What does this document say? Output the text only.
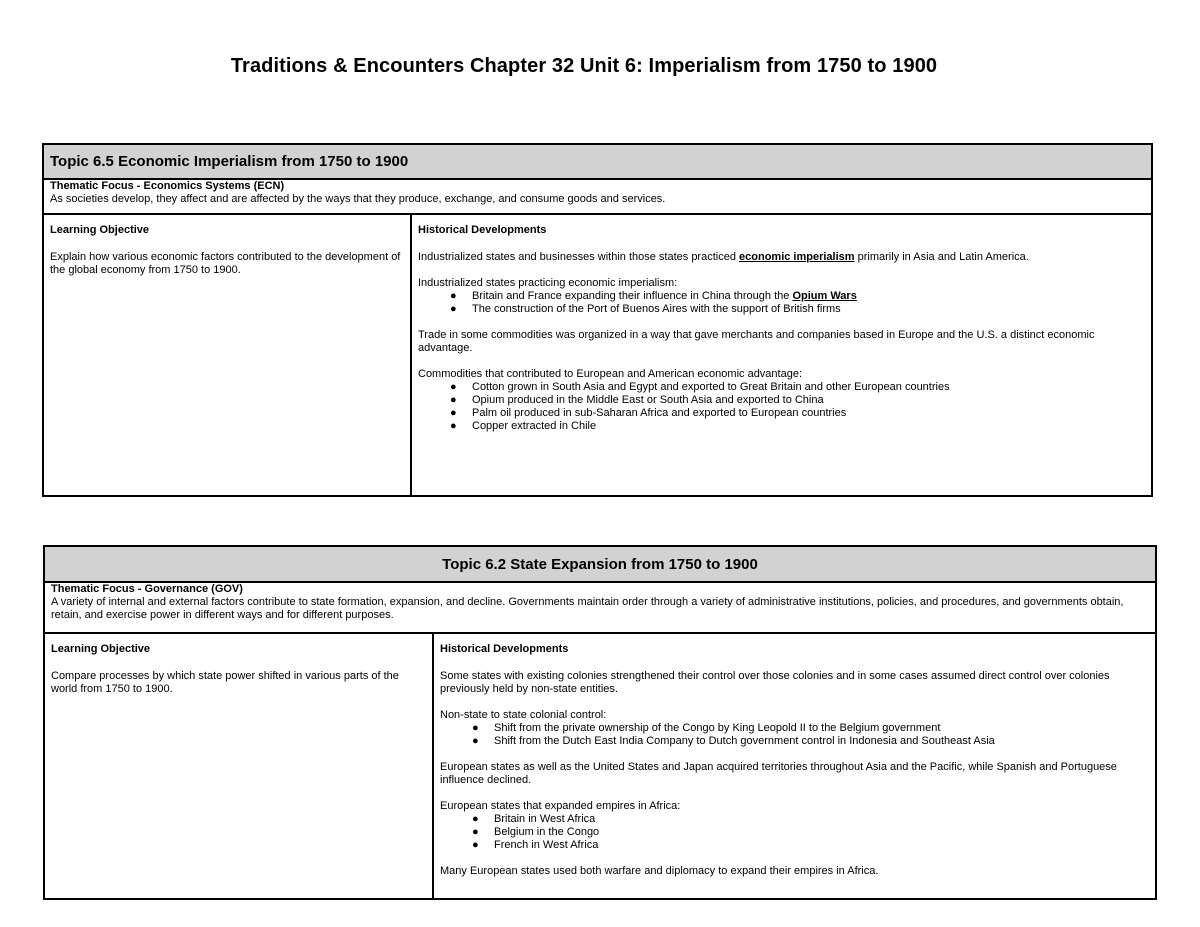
Traditions & Encounters Chapter 32 Unit 6: Imperialism from 1750 to 1900
Topic 6.5 Economic Imperialism from 1750 to 1900

Thematic Focus - Economics Systems (ECN)
As societies develop, they affect and are affected by the ways that they produce, exchange, and consume goods and services.

Learning Objective
Explain how various economic factors contributed to the development of the global economy from 1750 to 1900.

Historical Developments
Industrialized states and businesses within those states practiced economic imperialism primarily in Asia and Latin America.
Industrialized states practicing economic imperialism:
● Britain and France expanding their influence in China through the Opium Wars
● The construction of the Port of Buenos Aires with the support of British firms
Trade in some commodities was organized in a way that gave merchants and companies based in Europe and the U.S. a distinct economic advantage.
Commodities that contributed to European and American economic advantage:
● Cotton grown in South Asia and Egypt and exported to Great Britain and other European countries
● Opium produced in the Middle East or South Asia and exported to China
● Palm oil produced in sub-Saharan Africa and exported to European countries
● Copper extracted in Chile
Topic 6.2 State Expansion from 1750 to 1900

Thematic Focus - Governance (GOV)
A variety of internal and external factors contribute to state formation, expansion, and decline. Governments maintain order through a variety of administrative institutions, policies, and procedures, and governments obtain, retain, and exercise power in different ways and for different purposes.

Learning Objective
Compare processes by which state power shifted in various parts of the world from 1750 to 1900.

Historical Developments
Some states with existing colonies strengthened their control over those colonies and in some cases assumed direct control over colonies previously held by non-state entities.
Non-state to state colonial control:
● Shift from the private ownership of the Congo by King Leopold II to the Belgium government
● Shift from the Dutch East India Company to Dutch government control in Indonesia and Southeast Asia
European states as well as the United States and Japan acquired territories throughout Asia and the Pacific, while Spanish and Portuguese influence declined.
European states that expanded empires in Africa:
● Britain in West Africa
● Belgium in the Congo
● French in West Africa
Many European states used both warfare and diplomacy to expand their empires in Africa.
